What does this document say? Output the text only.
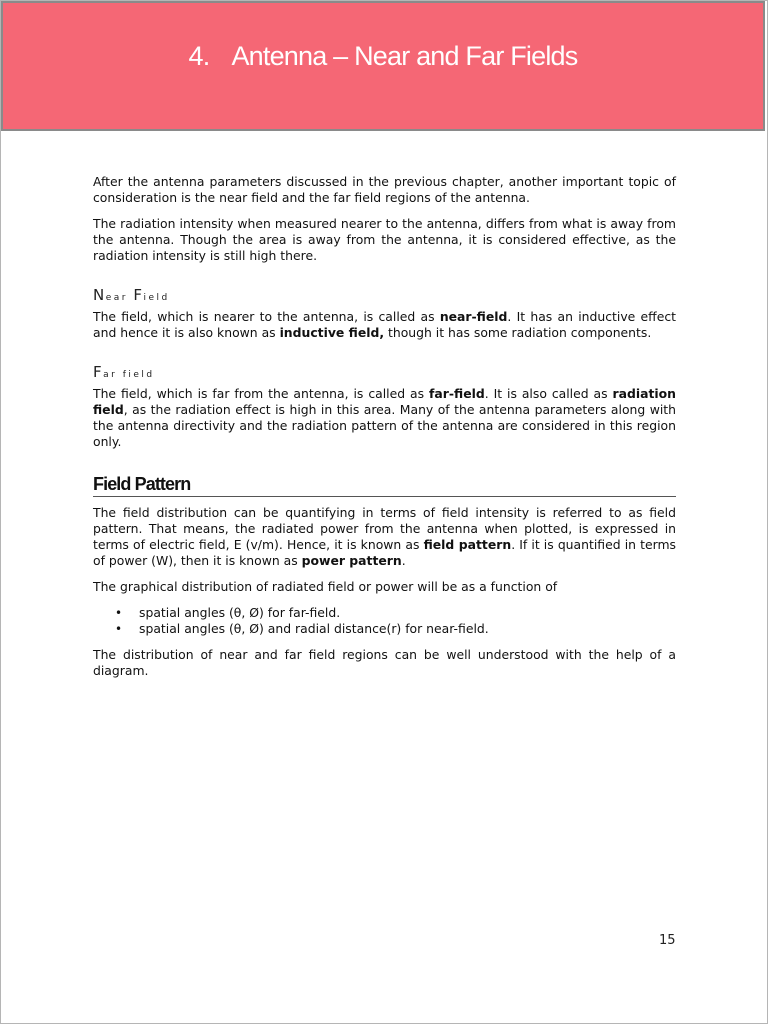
4. Antenna – Near and Far Fields

After the antenna parameters discussed in the previous chapter, another important topic of consideration is the near field and the far field regions of the antenna.

The radiation intensity when measured nearer to the antenna, differs from what is away from the antenna. Though the area is away from the antenna, it is considered effective, as the radiation intensity is still high there.

Near Field

The field, which is nearer to the antenna, is called as near-field. It has an inductive effect and hence it is also known as inductive field, though it has some radiation components.

Far field

The field, which is far from the antenna, is called as far-field. It is also called as radiation field, as the radiation effect is high in this area. Many of the antenna parameters along with the antenna directivity and the radiation pattern of the antenna are considered in this region only.

Field Pattern

The field distribution can be quantifying in terms of field intensity is referred to as field pattern. That means, the radiated power from the antenna when plotted, is expressed in terms of electric field, E (v/m). Hence, it is known as field pattern. If it is quantified in terms of power (W), then it is known as power pattern.

The graphical distribution of radiated field or power will be as a function of

• spatial angles (θ, Ø) for far-field.
• spatial angles (θ, Ø) and radial distance(r) for near-field.

The distribution of near and far field regions can be well understood with the help of a diagram.

15
